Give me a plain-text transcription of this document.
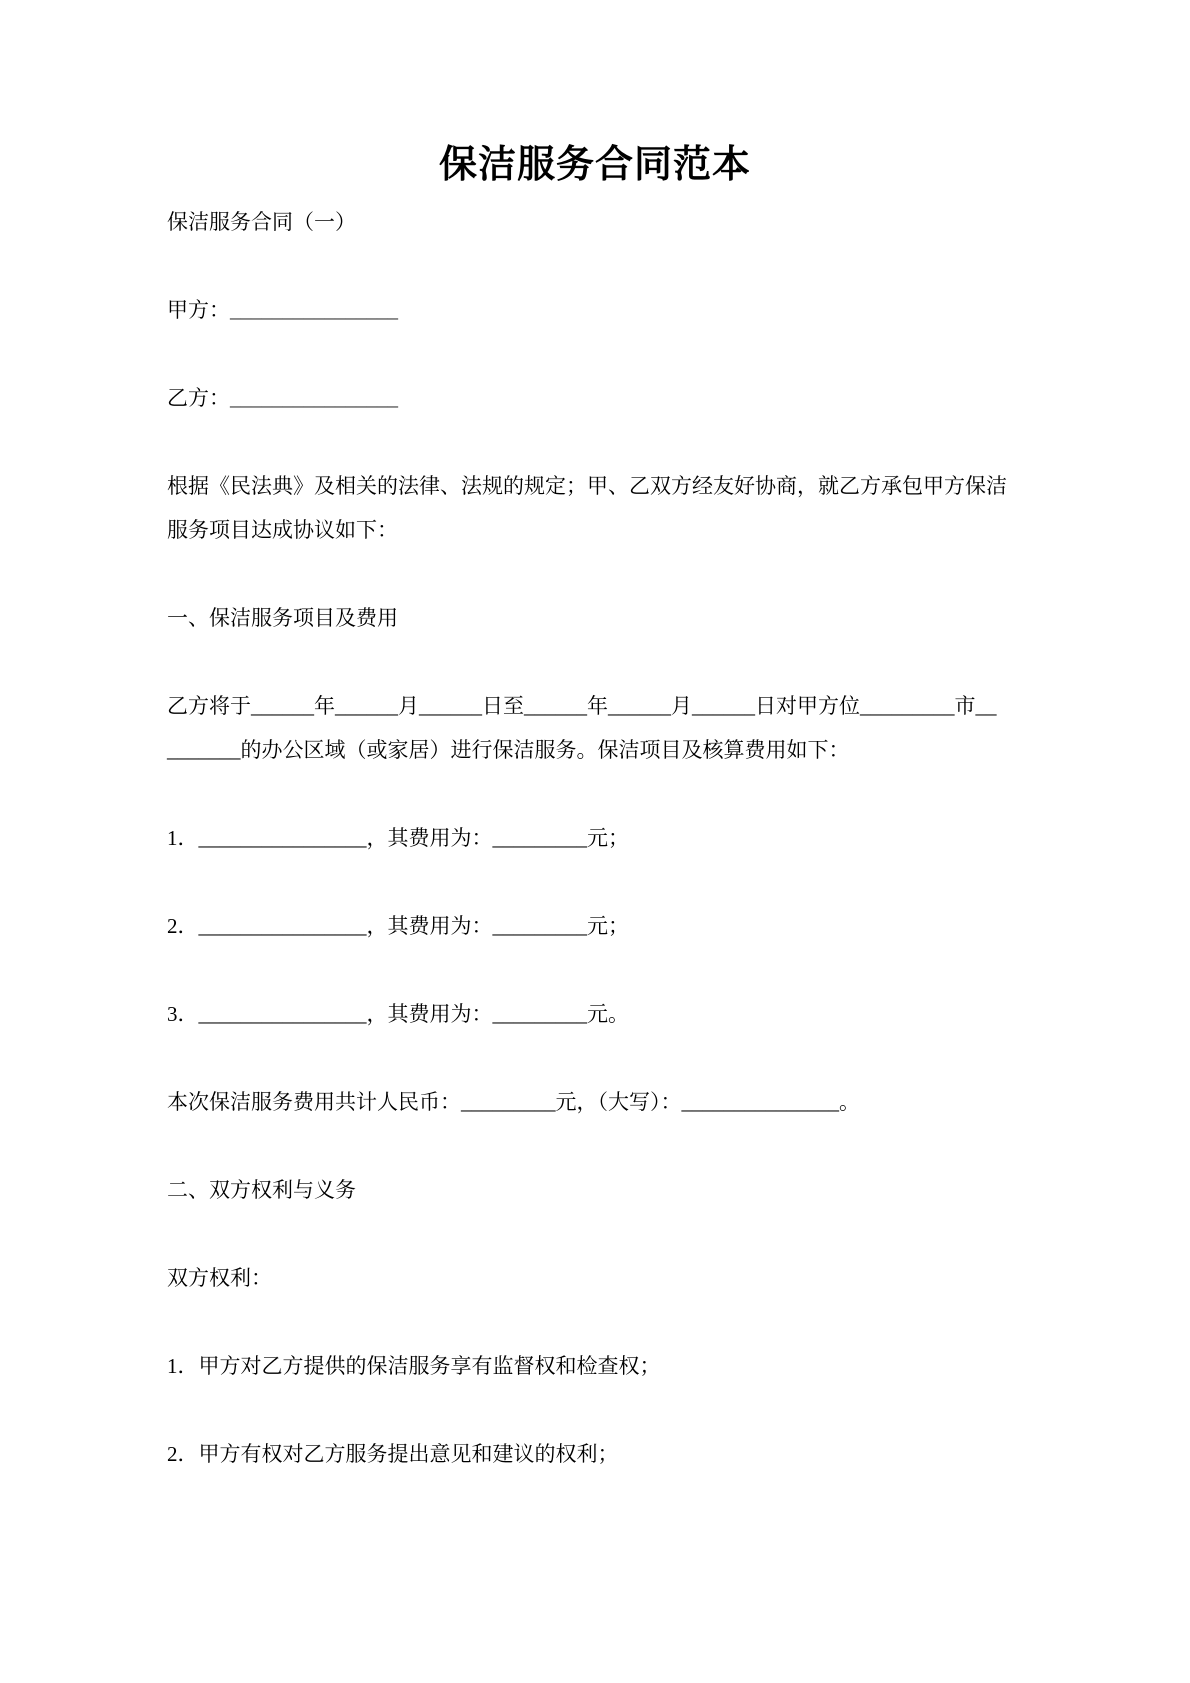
保洁服务合同范本

保洁服务合同（一）

甲方：________________

乙方：________________

根据《民法典》及相关的法律、法规的规定；甲、乙双方经友好协商，就乙方承包甲方保洁服务项目达成协议如下：

一、保洁服务项目及费用

乙方将于______年______月______日至______年______月______日对甲方位_________市__
_______的办公区域（或家居）进行保洁服务。保洁项目及核算费用如下：

1．________________，其费用为：_________元；

2．________________，其费用为：_________元；

3．________________，其费用为：_________元。

本次保洁服务费用共计人民币：_________元，（大写）：_______________。

二、双方权利与义务

双方权利：

1．甲方对乙方提供的保洁服务享有监督权和检查权；

2．甲方有权对乙方服务提出意见和建议的权利；
